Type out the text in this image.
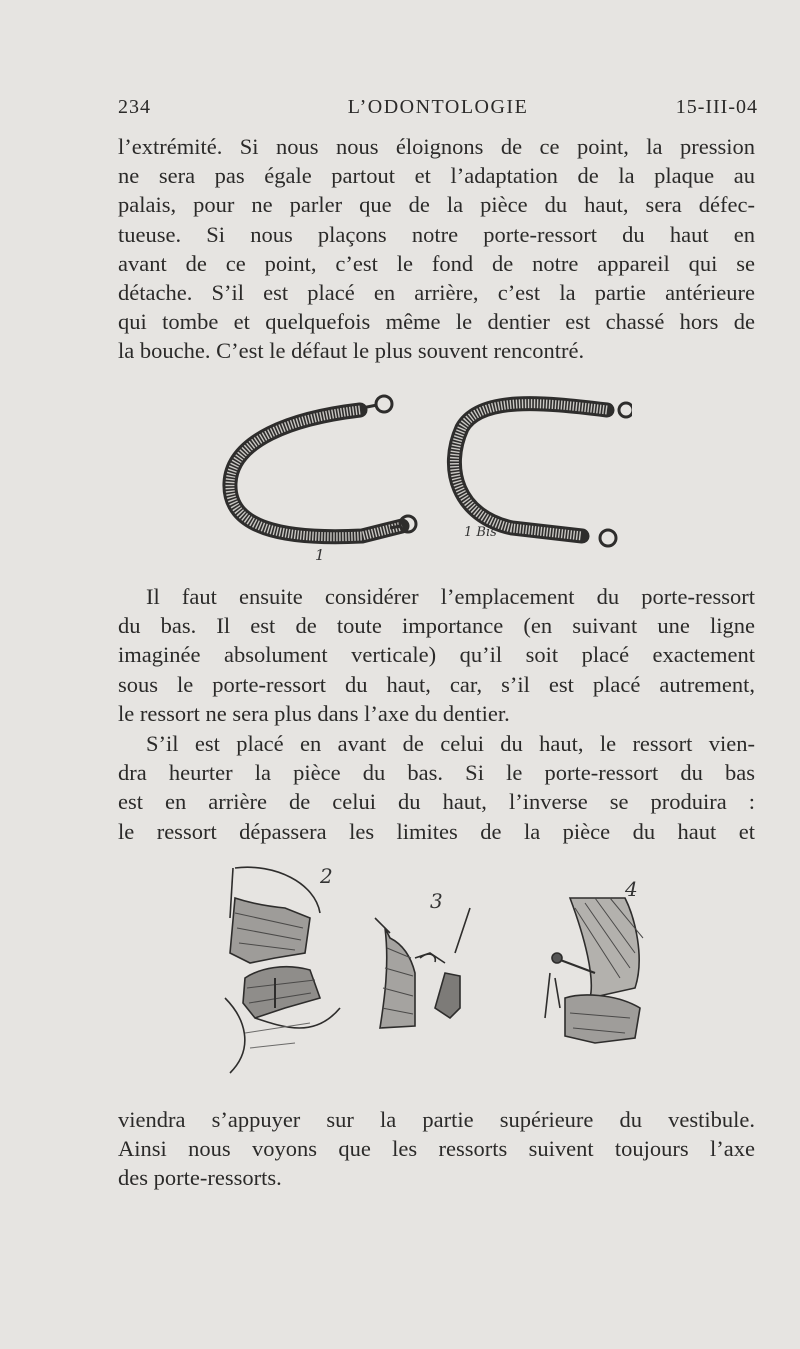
234	L’ODONTOLOGIE	15-III-04
l’extrémité. Si nous nous éloignons de ce point, la pression
ne sera pas égale partout et l’adaptation de la plaque au
palais, pour ne parler que de la pièce du haut, sera défec-
tueuse. Si nous plaçons notre porte-ressort du haut en
avant de ce point, c’est le fond de notre appareil qui se
détache. S’il est placé en arrière, c’est la partie antérieure
qui tombe et quelquefois même le dentier est chassé hors de
la bouche. C’est le défaut le plus souvent rencontré.
1
1 Bis
Il faut ensuite considérer l’emplacement du porte-ressort
du bas. Il est de toute importance (en suivant une ligne
imaginée absolument verticale) qu’il soit placé exactement
sous le porte-ressort du haut, car, s’il est placé autrement,
le ressort ne sera plus dans l’axe du dentier.
S’il est placé en avant de celui du haut, le ressort vien-
dra heurter la pièce du bas. Si le porte-ressort du bas
est en arrière de celui du haut, l’inverse se produira :
le ressort dépassera les limites de la pièce du haut et
2
3	4
viendra s’appuyer sur la partie supérieure du vestibule.
Ainsi nous voyons que les ressorts suivent toujours l’axe
des porte-ressorts.
